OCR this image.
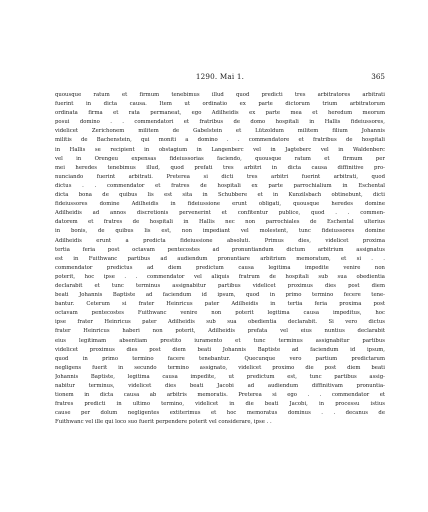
1290. Mai 1.	365
quousque ratum et firmum tenebimus illud quod predicti tres arbitratores arbitrati
fuerint in dicta causa. Item ut ordinatio ex parte dictorum trium arbitratorum
ordinata firma et rata permaneat, ego Adilheidis ex parte mea et heredum meorum
posui domino . . commendatori et fratribus de domo hospitali in Hallis fideiussores,
videlicet Zerichonem militem de Gabelstein et Lützoldum militem filium Johannis
militis de Bachenstein, qui moniti a domino . . commendatore et fratribus de hospitali
in Hallis se recipient in obstagium in Langenberc vel in Jagteberc vel in Waldenberc
vel in Orengeu expensas fideiussorias faciendo, quousque ratum et firmum per
mei heredes tenebimus illud, quod prefati tres arbitri in dicta causa diffinitive pro-
nunciando fuerint arbitrati. Preterea si dicti tres arbitri fuerint arbitrati, quod
dictus . . commendator et fratres de hospitali ex parte parrochialium in Eschental
dicta bona de quibus lis est sita in Schubbere et in Kunzilsbach obtinebunt, dicti
fideiussores domine Adilheidis in fideiussione erunt obligati, quousque heredes domine
Adilheidis ad annos discretionis pervenerint et confitentur publice, quod . . commen-
datorem et fratres de hospitali in Hallis nec non parrochiales de Eschental ulterius
in bonis, de quibus lis est, non impediant vel molestent, tunc fideiussores domine
Adilheidis erunt a predicta fideiussione absoluti. Primus dies, videlicet proxima
tertia feria post octavam pentecostes ad pronuntiandum dictum arbitrium assignatus
est in Fuithwanc partibus ad audiendum pronuntiare arbitrium memoratum, et si . .
commendator predictus ad diem predictum causa legitima impedite venire non
poterit, hoc ipse . . commendator vel aliquis fratrum de hospitali sub sua obedientia
declarabit et tunc terminus assignabitur partibus videlicet proximus dies post diem
beati Johannis Baptiste ad faciendum id ipsum, quod in primo termino fecere tene-
bantur. Ceterum si frater Heinricus pater Adilheidis in tertia feria proxima post
octavam pentecostes Fuithwanc venire non poterit legitima causa impeditus, hoc
ipse frater Heinricus pater Adilheidis sub sua obedientia declarabit. Si vero dictus
frater Heinricus haberi non poterit, Adilheidis prefata vel eius nuntius declarabit
eius legitimam absentiam prestito iuramento et tunc terminus assignabitur partibus
videlicet proximus dies post diem beati Johannis Baptiste ad faciendum id ipsum,
quod in primo termino facere tenebantur. Quecunque vero partium predictarum
negligens fuerit in secundo termino assignato, videlicet proximo die post diem beati
Johannis Baptiste, legitima causa impedite, ut predictum est, tunc partibus assig-
nabitur terminus, videlicet dies beati Jacobi ad audiendum diffinitivam pronuntia-
tionem in dicta causa ab arbitris memoratis. Preterea si ego . . commendator et
fratres predicti in ultimo termino, videlicet in die beati Jacobi, in processu istius
cause per dolum negligentes extiterimus et hoc memoratus dominus . . decanus de
Fuithwanc vel ille qui loco suo fuerit perpendere poterit vel considerare, ipse . .
